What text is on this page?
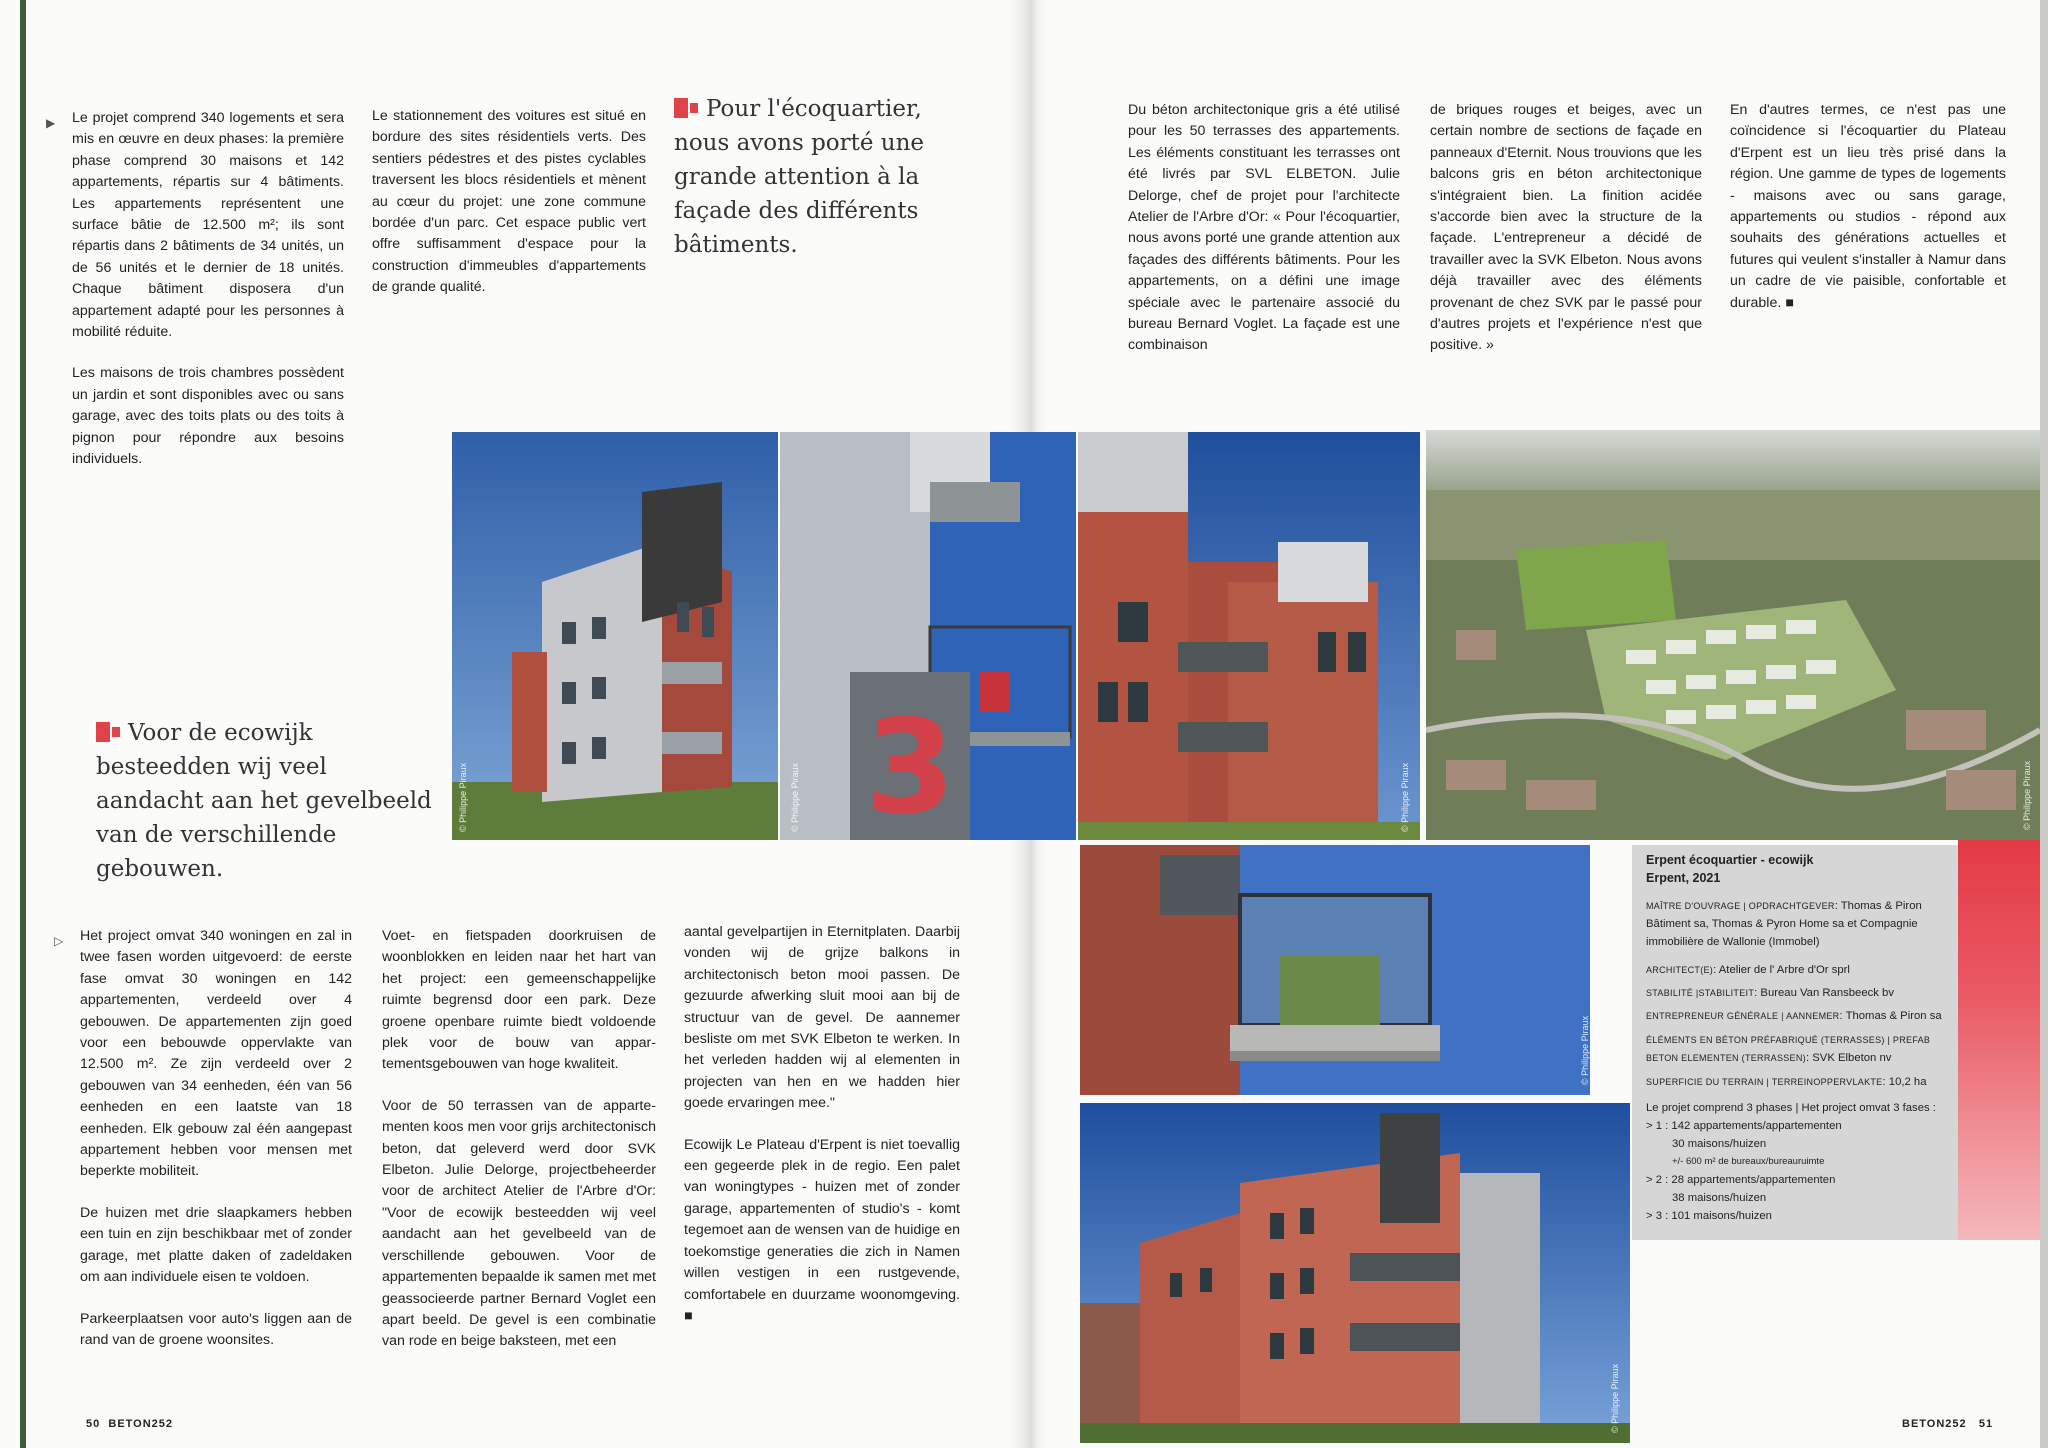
▶ Le projet comprend 340 logements et sera mis en œuvre en deux phases: la première phase comprend 30 maisons et 142 appartements, répartis sur 4 bâtiments. Les appartements représentent une surface bâtie de 12.500 m²; ils sont répartis dans 2 bâtiments de 34 unités, un de 56 unités et le dernier de 18 unités. Chaque bâtiment disposera d'un appartement adapté pour les personnes à mobilité réduite.

Les maisons de trois chambres possèdent un jardin et sont disponibles avec ou sans garage, avec des toits plats ou des toits à pignon pour répondre aux besoins individuels.

Le stationnement des voitures est situé en bordure des sites résidentiels verts. Des sentiers pédestres et des pistes cyclables traversent les blocs résidentiels et mènent au cœur du projet: une zone commune bordée d'un parc. Cet espace public vert offre suffisamment d'espace pour la construction d'immeubles d'appartements de grande qualité.

Pour l'écoquartier, nous avons porté une grande attention à la façade des différents bâtiments.
© Philippe Piraux	3
© Philippe Piraux	© Philippe Piraux	© Philippe Piraux
Voor de ecowijk besteedden wij veel aandacht aan het gevelbeeld van de verschillende gebouwen.
▷ Het project omvat 340 woningen en zal in twee fasen worden uitgevoerd: de eerste fase omvat 30 woningen en 142 appartementen, verdeeld over 4 gebouwen. De appartementen zijn goed voor een bebouwde oppervlakte van 12.500 m². Ze zijn verdeeld over 2 gebouwen van 34 eenheden, één van 56 eenheden en een laatste van 18 eenheden. Elk gebouw zal één aangepast appartement hebben voor mensen met beperkte mobiliteit.

De huizen met drie slaapkamers hebben een tuin en zijn beschikbaar met of zonder garage, met platte daken of zadeldaken om aan individuele eisen te voldoen.

Parkeerplaatsen voor auto's liggen aan de rand van de groene woonsites.

Voet- en fietspaden doorkruisen de woonblokken en leiden naar het hart van het project: een gemeenschappelijke ruimte begrensd door een park. Deze groene openbare ruimte biedt voldoende plek voor de bouw van appartementsgebouwen van hoge kwaliteit.

Voor de 50 terrassen van de appartementen koos men voor grijs architectonisch beton, dat geleverd werd door SVK Elbeton. Julie Delorge, projectbeheerder voor de architect Atelier de l'Arbre d'Or: "Voor de ecowijk besteedden wij veel aandacht aan het gevelbeeld van de verschillende gebouwen. Voor de appartementen bepaalde ik samen met met geassocieerde partner Bernard Voglet een apart beeld. De gevel is een combinatie van rode en beige baksteen, met een

aantal gevelpartijen in Eternitplaten. Daarbij vonden wij de grijze balkons in architectonisch beton mooi passen. De gezuurde afwerking sluit mooi aan bij de structuur van de gevel. De aannemer besliste om met SVK Elbeton te werken. In het verleden hadden wij al elementen in projecten van hen en we hadden hier goede ervaringen mee."

Ecowijk Le Plateau d'Erpent is niet toevallig een gegeerde plek in de regio. Een palet van woningtypes - huizen met of zonder garage, appartementen of studio's - komt tegemoet aan de wensen van de huidige en toekomstige generaties die zich in Namen willen vestigen in een rustgevende, comfortabele en duurzame woonomgeving. ■

© Philippe Piraux
© Philippe Piraux

Du béton architectonique gris a été utilisé pour les 50 terrasses des appartements. Les éléments constituant les terrasses ont été livrés par SVL ELBETON. Julie Delorge, chef de projet pour l'architecte Atelier de l'Arbre d'Or: « Pour l'écoquartier, nous avons porté une grande attention aux façades des différents bâtiments. Pour les appartements, on a défini une image spéciale avec le partenaire associé du bureau Bernard Voglet. La façade est une combinaison

de briques rouges et beiges, avec un certain nombre de sections de façade en panneaux d'Eternit. Nous trouvions que les balcons gris en béton architectonique s'intégraient bien. La finition acidée s'accorde bien avec la structure de la façade. L'entrepreneur a décidé de travailler avec la SVK Elbeton. Nous avons déjà travailler avec des éléments provenant de chez SVK par le passé pour d'autres projets et l'expérience n'est que positive. »

En d'autres termes, ce n'est pas une coïncidence si l'écoquartier du Plateau d'Erpent est un lieu très prisé dans la région. Une gamme de types de logements - maisons avec ou sans garage, appartements ou studios - répond aux souhaits des générations actuelles et futures qui veulent s'installer à Namur dans un cadre de vie paisible, confortable et durable. ■

Erpent écoquartier - ecowijk
Erpent, 2021
MAÎTRE D'OUVRAGE | OPDRACHTGEVER: Thomas & Piron Bâtiment sa, Thomas & Pyron Home sa et Compagnie immobilière de Wallonie (Immobel)
ARCHITECT(E): Atelier de l' Arbre d'Or sprl
STABILITÉ |STABILITEIT: Bureau Van Ransbeeck bv
ENTREPRENEUR GÉNÉRALE | AANNEMER: Thomas & Piron sa
ÉLÉMENTS EN BÉTON PRÉFABRIQUÉ (TERRASSES) | PREFAB BETON ELEMENTEN (TERRASSEN): SVK Elbeton nv
SUPERFICIE DU TERRAIN | TERREINOPPERVLAKTE: 10,2 ha
Le projet comprend 3 phases | Het project omvat 3 fases :
> 1 : 142 appartements/appartementen
30 maisons/huizen
+/- 600 m² de bureaux/bureauruimte
> 2 : 28 appartements/appartementen
38 maisons/huizen
> 3 : 101 maisons/huizen
50 BETON252	BETON252 51
